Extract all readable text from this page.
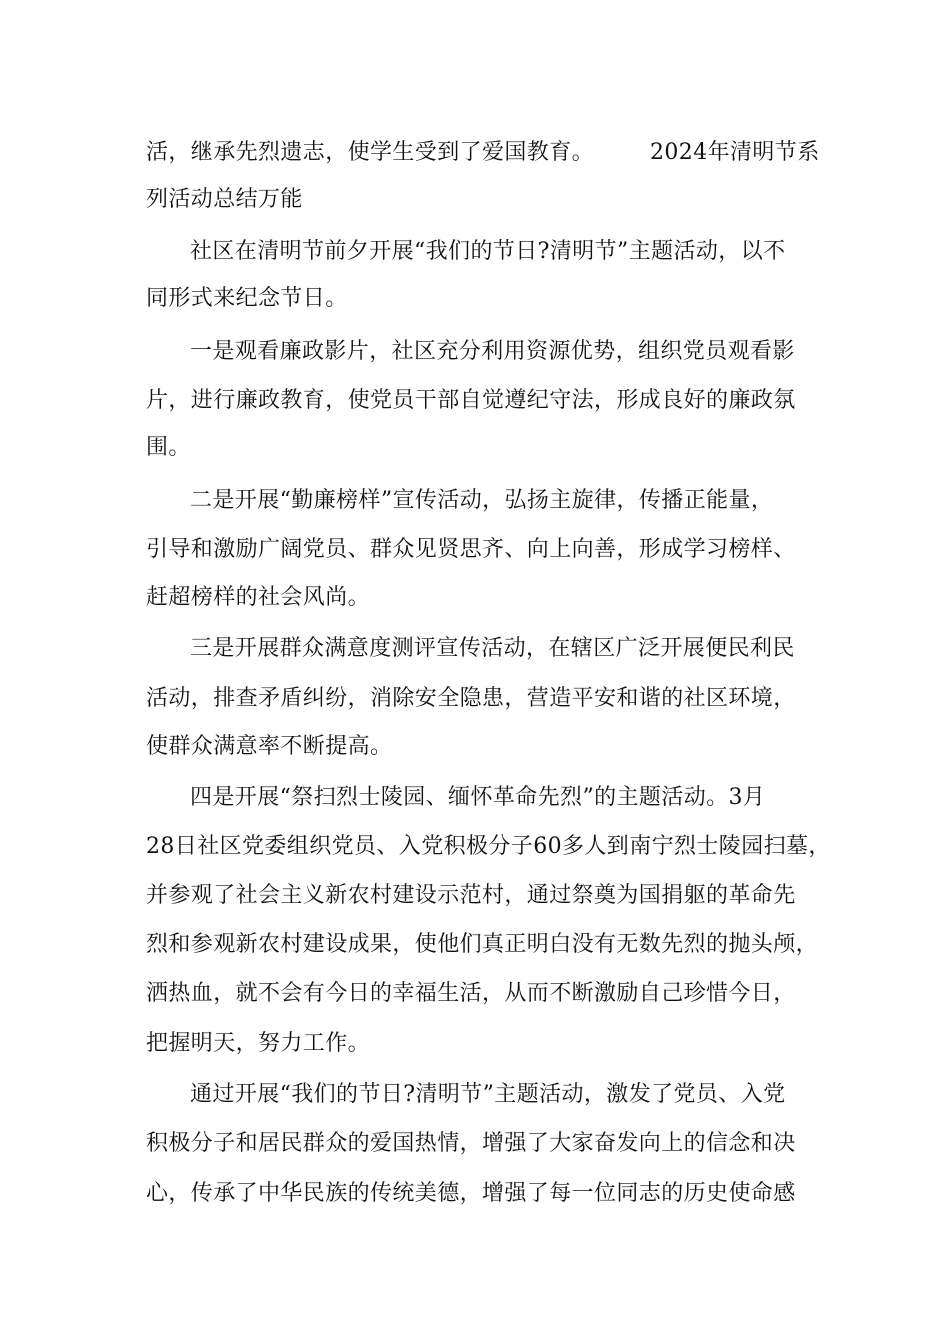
活，继承先烈遗志，使学生受到了爱国教育。	2024年清明节系
列活动总结万能
社区在清明节前夕开展“我们的节日?清明节”主题活动，以不
同形式来纪念节日。
一是观看廉政影片，社区充分利用资源优势，组织党员观看影
片，进行廉政教育，使党员干部自觉遵纪守法，形成良好的廉政氛
围。
二是开展“勤廉榜样”宣传活动，弘扬主旋律，传播正能量，
引导和激励广阔党员、群众见贤思齐、向上向善，形成学习榜样、
赶超榜样的社会风尚。
三是开展群众满意度测评宣传活动，在辖区广泛开展便民利民
活动，排查矛盾纠纷，消除安全隐患，营造平安和谐的社区环境，
使群众满意率不断提高。
四是开展“祭扫烈士陵园、缅怀革命先烈”的主题活动。3月
28日社区党委组织党员、入党积极分子60多人到南宁烈士陵园扫墓，
并参观了社会主义新农村建设示范村，通过祭奠为国捐躯的革命先
烈和参观新农村建设成果，使他们真正明白没有无数先烈的抛头颅，
洒热血，就不会有今日的幸福生活，从而不断激励自己珍惜今日，
把握明天，努力工作。
通过开展“我们的节日?清明节”主题活动，激发了党员、入党
积极分子和居民群众的爱国热情，增强了大家奋发向上的信念和决
心，传承了中华民族的传统美德，增强了每一位同志的历史使命感
